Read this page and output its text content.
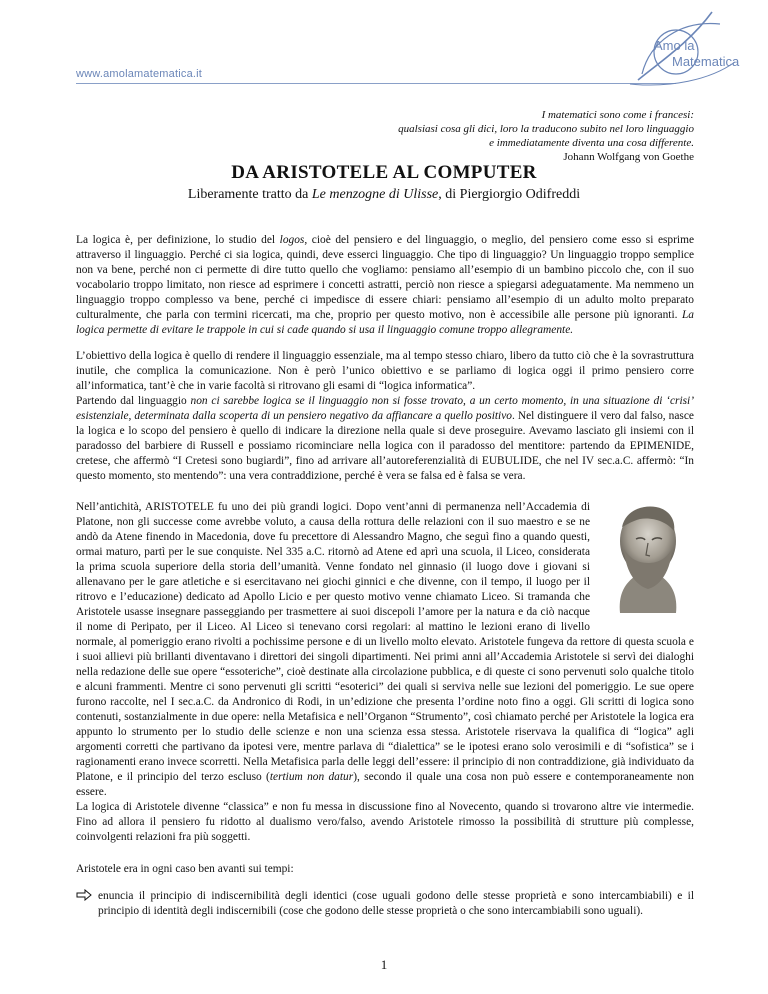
www.amolamatematica.it
Amo la
Matematica
I matematici sono come i francesi:
qualsiasi cosa gli dici, loro la traducono subito nel loro linguaggio
e immediatamente diventa una cosa differente.
Johann Wolfgang von Goethe
DA ARISTOTELE AL COMPUTER
Liberamente tratto da Le menzogne di Ulisse, di Piergiorgio Odifreddi
La logica è, per definizione, lo studio del logos, cioè del pensiero e del linguaggio, o meglio, del pensiero come esso si esprime attraverso il linguaggio. Perché ci sia logica, quindi, deve esserci linguaggio. Che tipo di linguaggio? Un linguaggio troppo semplice non va bene, perché non ci permette di dire tutto quello che vogliamo: pensiamo all’esempio di un bambino piccolo che, con il suo vocabolario troppo limitato, non riesce ad esprimere i concetti astratti, perciò non riesce a spiegarsi adeguatamente. Ma nemmeno un linguaggio troppo complesso va bene, perché ci impedisce di essere chiari: pensiamo all’esempio di un adulto molto preparato culturalmente, che parla con termini ricercati, ma che, proprio per questo motivo, non è accessibile alle persone più ignoranti. La logica permette di evitare le trappole in cui si cade quando si usa il linguaggio comune troppo allegramente.
L’obiettivo della logica è quello di rendere il linguaggio essenziale, ma al tempo stesso chiaro, libero da tutto ciò che è la sovrastruttura inutile, che complica la comunicazione. Non è però l’unico obiettivo e se parliamo di logica oggi il primo pensiero corre all’informatica, tant’è che in varie facoltà si ritrovano gli esami di “logica informatica”.
Partendo dal linguaggio non ci sarebbe logica se il linguaggio non si fosse trovato, a un certo momento, in una situazione di ‘crisi’ esistenziale, determinata dalla scoperta di un pensiero negativo da affiancare a quello positivo. Nel distinguere il vero dal falso, nasce la logica e lo scopo del pensiero è quello di indicare la direzione nella quale si deve proseguire. Avevamo lasciato gli insiemi con il paradosso del barbiere di Russell e possiamo ricominciare nella logica con il paradosso del mentitore: partendo da EPIMENIDE, cretese, che affermò “I Cretesi sono bugiardi”, fino ad arrivare all’autoreferenzialità di EUBULIDE, che nel IV sec.a.C. affermò: “In questo momento, sto mentendo”: una vera contraddizione, perché è vera se falsa ed è falsa se vera.
Nell’antichità, ARISTOTELE fu uno dei più grandi logici. Dopo vent’anni di permanenza nell’Accademia di Platone, non gli successe come avrebbe voluto, a causa della rottura delle relazioni con il suo maestro e se ne andò da Atene finendo in Macedonia, dove fu precettore di Alessandro Magno, che seguì fino a quando questi, ormai maturo, partì per le sue conquiste. Nel 335 a.C. ritornò ad Atene ed aprì una scuola, il Liceo, considerata la prima scuola superiore della storia dell’umanità. Venne fondato nel ginnasio (il luogo dove i giovani si allenavano per le gare atletiche e si esercitavano nei giochi ginnici e che divenne, con il tempo, il luogo per il ritrovo e l’educazione) dedicato ad Apollo Licio e per questo motivo venne chiamato Liceo. Si tramanda che Aristotele usasse insegnare passeggiando per trasmettere ai suoi discepoli l’amore per la natura e da ciò nacque il nome di Peripato, per il Liceo. Al Liceo si tenevano corsi regolari: al mattino le lezioni erano di livello normale, al pomeriggio erano rivolti a pochissime persone e di un livello molto elevato. Aristotele fungeva da rettore di questa scuola e i suoi allievi più brillanti diventavano i direttori dei singoli dipartimenti. Nei primi anni all’Accademia Aristotele si servì dei dialoghi nella redazione delle sue opere “essoteriche”, cioè destinate alla circolazione pubblica, e di queste ci sono pervenuti solo qualche titolo e alcuni frammenti. Mentre ci sono pervenuti gli scritti “esoterici” dei quali si serviva nelle sue lezioni del pomeriggio. Le sue opere furono raccolte, nel I sec.a.C. da Andronico di Rodi, in un’edizione che presenta l’ordine noto fino a oggi. Gli scritti di logica sono contenuti, sostanzialmente in due opere: nella Metafisica e nell’Organon “Strumento”, così chiamato perché per Aristotele la logica era appunto lo strumento per lo studio delle scienze e non una scienza essa stessa. Aristotele riservava la qualifica di “logica” agli argomenti corretti che partivano da ipotesi vere, mentre parlava di “dialettica” se le ipotesi erano solo verosimili e di “sofistica” se i ragionamenti erano invece scorretti. Nella Metafisica parla delle leggi dell’essere: il principio di non contraddizione, già individuato da Platone, e il principio del terzo escluso (tertium non datur), secondo il quale una cosa non può essere e contemporaneamente non essere.
La logica di Aristotele divenne “classica” e non fu messa in discussione fino al Novecento, quando si trovarono altre vie intermedie. Fino ad allora il pensiero fu ridotto al dualismo vero/falso, avendo Aristotele rimosso la possibilità di strutture più complesse, coinvolgenti relazioni fra più soggetti.
Aristotele era in ogni caso ben avanti sui tempi:
enuncia il principio di indiscernibilità degli identici (cose uguali godono delle stesse proprietà e sono intercambiabili) e il principio di identità degli indiscernibili (cose che godono delle stesse proprietà o che sono intercambiabili sono uguali).
1
